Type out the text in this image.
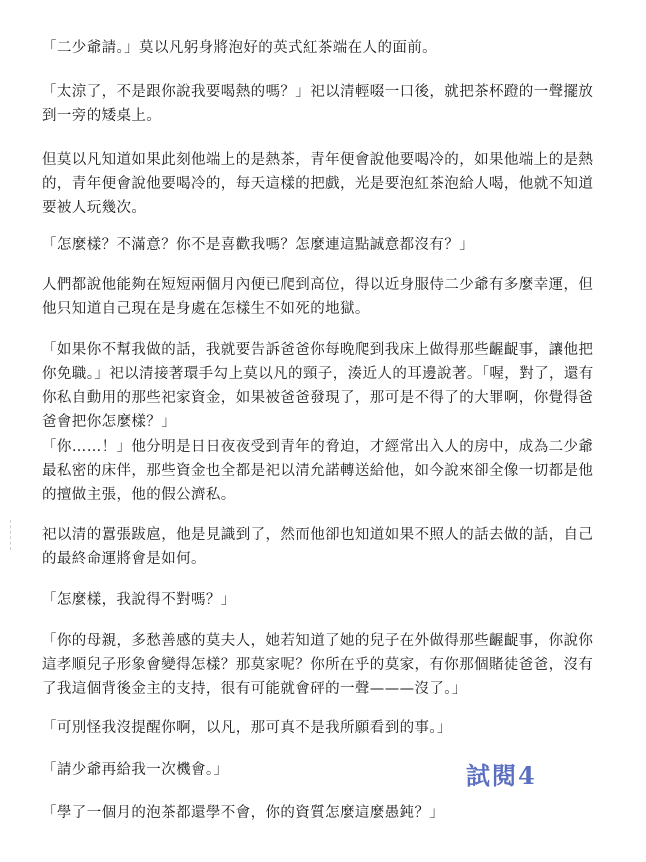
「二少爺請。」莫以凡躬身將泡好的英式紅茶端在人的面前。

「太涼了，不是跟你說我要喝熱的嗎？」祀以清輕啜一口後，就把茶杯蹬的一聲擺放到一旁的矮桌上。

但莫以凡知道如果此刻他端上的是熱茶，青年便會說他要喝冷的，如果他端上的是熱的，青年便會說他要喝冷的，每天這樣的把戲，光是要泡紅茶泡給人喝，他就不知道要被人玩幾次。

「怎麼樣？不滿意？你不是喜歡我嗎？怎麼連這點誠意都沒有？」

人們都說他能夠在短短兩個月內便已爬到高位，得以近身服侍二少爺有多麼幸運，但他只知道自己現在是身處在怎樣生不如死的地獄。

「如果你不幫我做的話，我就要告訴爸爸你每晚爬到我床上做得那些齷齪事，讓他把你免職。」祀以清接著環手勾上莫以凡的頸子，湊近人的耳邊說著。「喔，對了，還有你私自動用的那些祀家資金，如果被爸爸發現了，那可是不得了的大罪啊，你覺得爸爸會把你怎麼樣？」

「你……！」他分明是日日夜夜受到青年的脅迫，才經常出入人的房中，成為二少爺最私密的床伴，那些資金也全都是祀以清允諾轉送給他，如今說來卻全像一切都是他的擅做主張，他的假公濟私。

祀以清的囂張跋扈，他是見識到了，然而他卻也知道如果不照人的話去做的話，自己的最終命運將會是如何。

「怎麼樣，我說得不對嗎？」

「你的母親，多愁善感的莫夫人，她若知道了她的兒子在外做得那些齷齪事，你說你這孝順兒子形象會變得怎樣？那莫家呢？你所在乎的莫家，有你那個賭徒爸爸，沒有了我這個背後金主的支持，很有可能就會砰的一聲———沒了。」

「可別怪我沒提醒你啊，以凡，那可真不是我所願看到的事。」

「請少爺再給我一次機會。」

「學了一個月的泡茶都還學不會，你的資質怎麼這麼愚鈍？」

試閱4
